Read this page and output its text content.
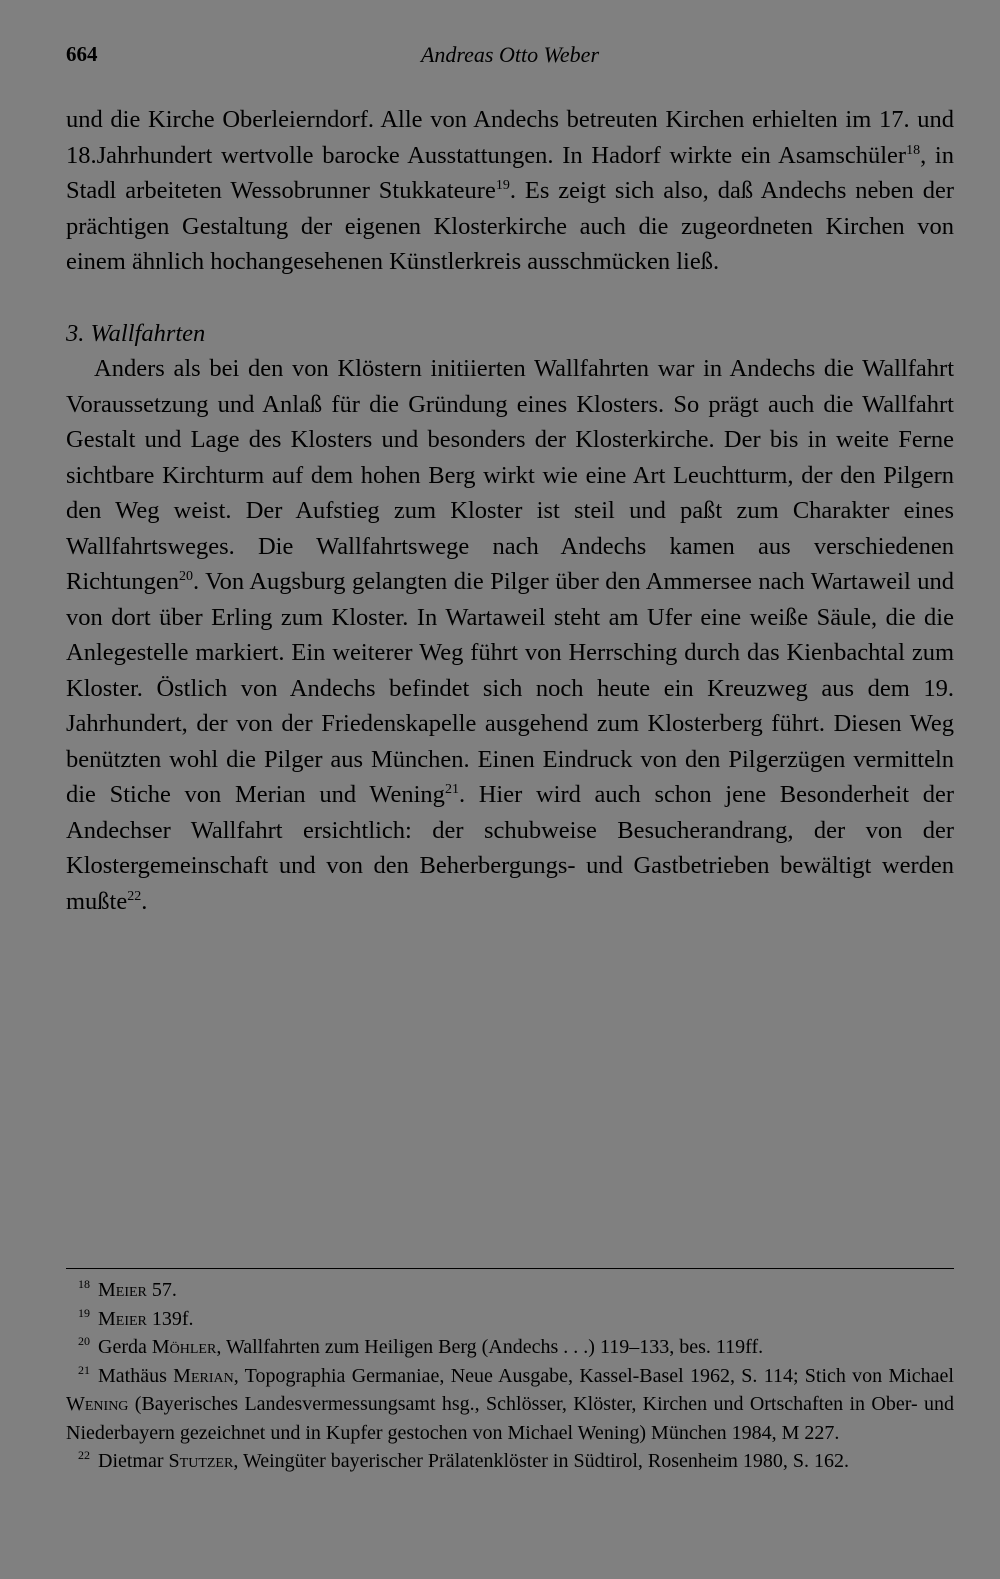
664	Andreas Otto Weber

und die Kirche Oberleierndorf. Alle von Andechs betreuten Kirchen erhielten im 17. und 18.Jahrhundert wertvolle barocke Ausstattungen. In Hadorf wirkte ein Asamschüler$^{18}$, in Stadl arbeiteten Wessobrunner Stukkateure$^{19}$. Es zeigt sich also, daß Andechs neben der prächtigen Gestaltung der eigenen Klosterkirche auch die zugeordneten Kirchen von einem ähnlich hochangesehenen Künstlerkreis ausschmücken ließ.

3. Wallfahrten

Anders als bei den von Klöstern initiierten Wallfahrten war in Andechs die Wallfahrt Voraussetzung und Anlaß für die Gründung eines Klosters. So prägt auch die Wallfahrt Gestalt und Lage des Klosters und besonders der Klosterkirche. Der bis in weite Ferne sichtbare Kirchturm auf dem hohen Berg wirkt wie eine Art Leuchtturm, der den Pilgern den Weg weist. Der Aufstieg zum Kloster ist steil und paßt zum Charakter eines Wallfahrtsweges. Die Wallfahrtswege nach Andechs kamen aus verschiedenen Richtungen$^{20}$. Von Augsburg gelangten die Pilger über den Ammersee nach Wartaweil und von dort über Erling zum Kloster. In Wartaweil steht am Ufer eine weiße Säule, die die Anlegestelle markiert. Ein weiterer Weg führt von Herrsching durch das Kienbachtal zum Kloster. Östlich von Andechs befindet sich noch heute ein Kreuzweg aus dem 19. Jahrhundert, der von der Friedenskapelle ausgehend zum Klosterberg führt. Diesen Weg benützten wohl die Pilger aus München. Einen Eindruck von den Pilgerzügen vermitteln die Stiche von Merian und Wening$^{21}$. Hier wird auch schon jene Besonderheit der Andechser Wallfahrt ersichtlich: der schubweise Besucherandrang, der von der Klostergemeinschaft und von den Beherbergungs- und Gastbetrieben bewältigt werden mußte$^{22}$.

$^{18}$ Meier 57.

$^{19}$ Meier 139f.

$^{20}$ Gerda Möhler, Wallfahrten zum Heiligen Berg (Andechs . . .) 119–133, bes. 119ff.

$^{21}$ Mathäus Merian, Topographia Germaniae, Neue Ausgabe, Kassel-Basel 1962, S. 114; Stich von Michael Wening (Bayerisches Landesvermessungsamt hsg., Schlösser, Klöster, Kirchen und Ortschaften in Ober- und Niederbayern gezeichnet und in Kupfer gestochen von Michael Wening) München 1984, M 227.

$^{22}$ Dietmar Stutzer, Weingüter bayerischer Prälatenklöster in Südtirol, Rosenheim 1980, S. 162.
